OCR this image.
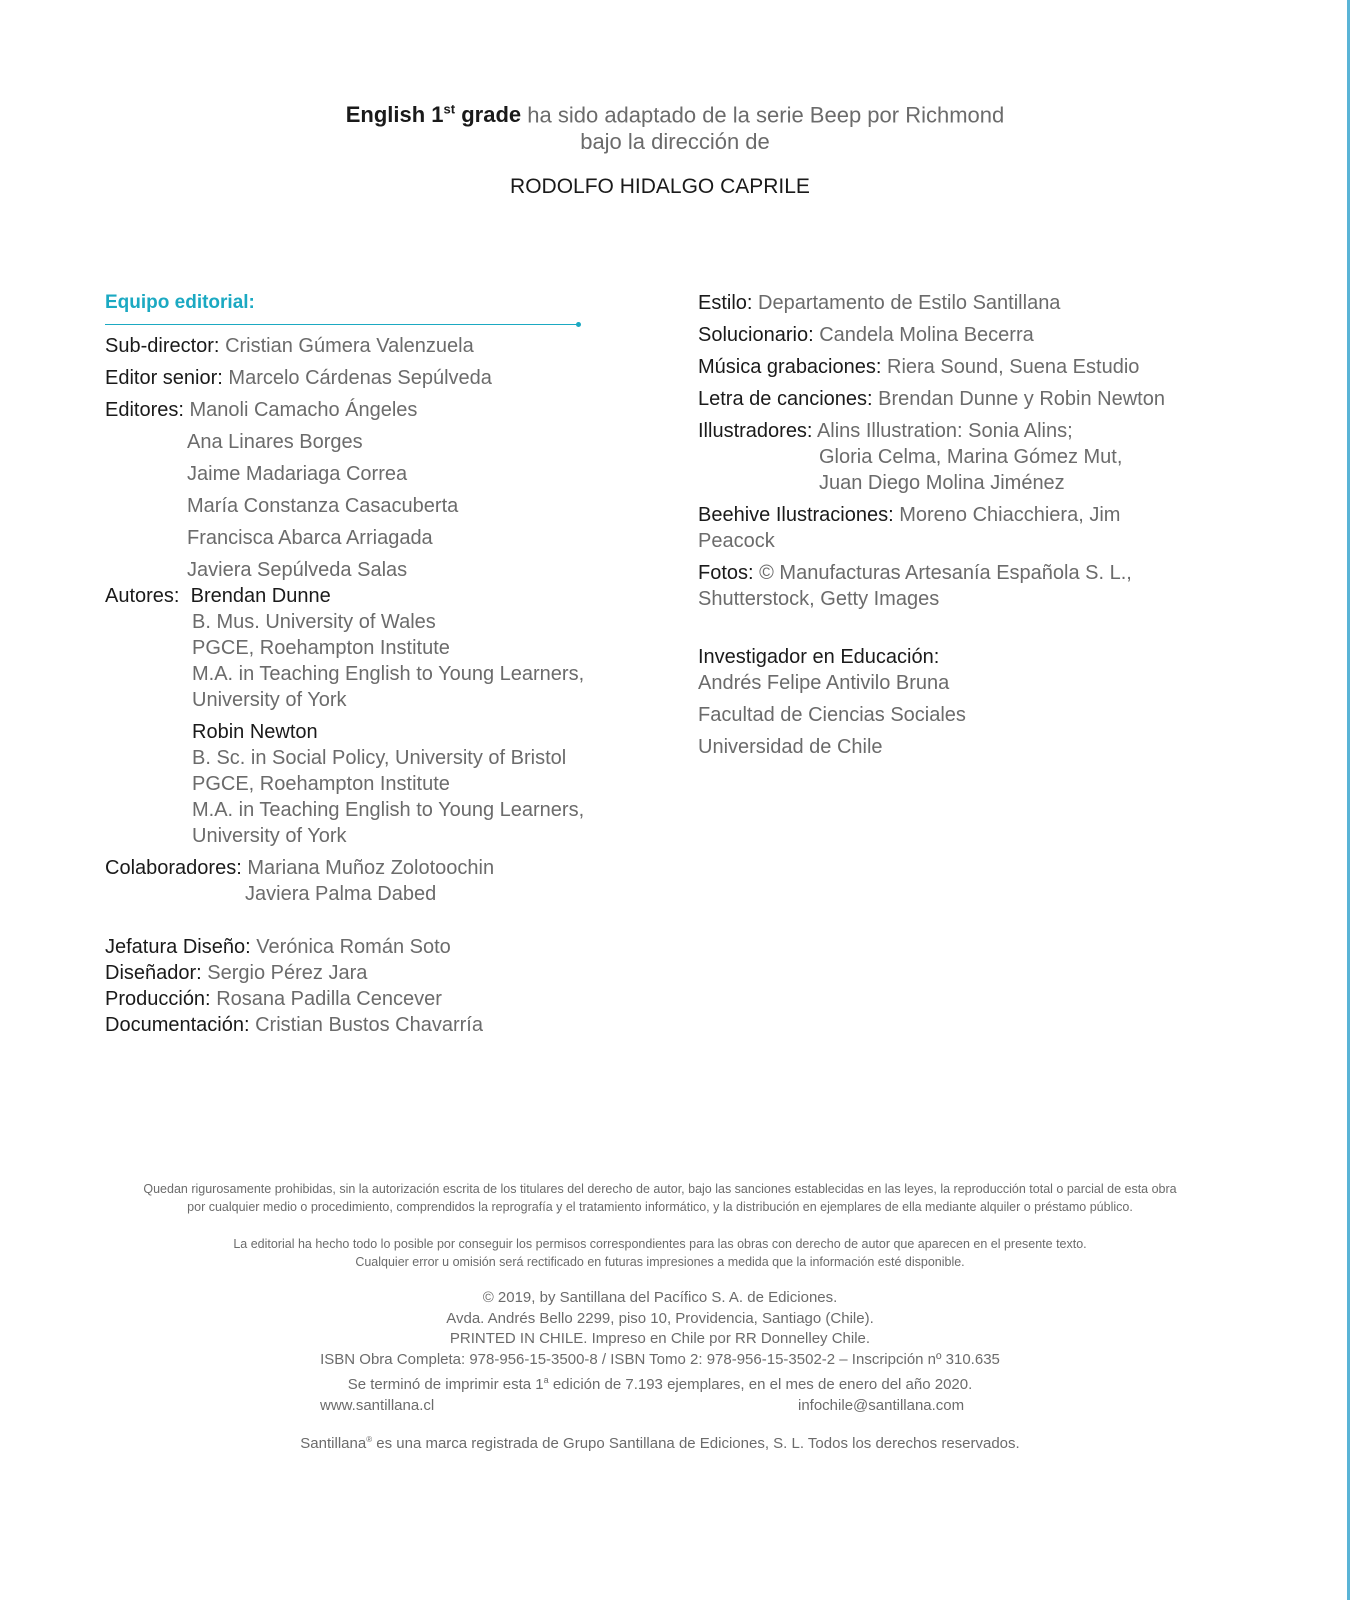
English 1st grade ha sido adaptado de la serie Beep por Richmond
bajo la dirección de
RODOLFO HIDALGO CAPRILE
Equipo editorial:
Sub-director: Cristian Gúmera Valenzuela
Editor senior: Marcelo Cárdenas Sepúlveda
Editores: Manoli Camacho Ángeles
Ana Linares Borges
Jaime Madariaga Correa
María Constanza Casacuberta
Francisca Abarca Arriagada
Javiera Sepúlveda Salas
Autores: Brendan Dunne
B. Mus. University of Wales
PGCE, Roehampton Institute
M.A. in Teaching English to Young Learners,
University of York
Robin Newton
B. Sc. in Social Policy, University of Bristol
PGCE, Roehampton Institute
M.A. in Teaching English to Young Learners,
University of York
Colaboradores: Mariana Muñoz Zolotoochin
Javiera Palma Dabed
Jefatura Diseño: Verónica Román Soto
Diseñador: Sergio Pérez Jara
Producción: Rosana Padilla Cencever
Documentación: Cristian Bustos Chavarría
Estilo: Departamento de Estilo Santillana
Solucionario: Candela Molina Becerra
Música grabaciones: Riera Sound, Suena Estudio
Letra de canciones: Brendan Dunne y Robin Newton
Illustradores: Alins Illustration: Sonia Alins;
Gloria Celma, Marina Gómez Mut,
Juan Diego Molina Jiménez
Beehive Ilustraciones: Moreno Chiacchiera, Jim
Peacock
Fotos: © Manufacturas Artesanía Española S. L.,
Shutterstock, Getty Images
Investigador en Educación:
Andrés Felipe Antivilo Bruna
Facultad de Ciencias Sociales
Universidad de Chile
Quedan rigurosamente prohibidas, sin la autorización escrita de los titulares del derecho de autor, bajo las sanciones establecidas en las leyes, la reproducción total o parcial de esta obra
por cualquier medio o procedimiento, comprendidos la reprografía y el tratamiento informático, y la distribución en ejemplares de ella mediante alquiler o préstamo público.
La editorial ha hecho todo lo posible por conseguir los permisos correspondientes para las obras con derecho de autor que aparecen en el presente texto.
Cualquier error u omisión será rectificado en futuras impresiones a medida que la información esté disponible.
© 2019, by Santillana del Pacífico S. A. de Ediciones.
Avda. Andrés Bello 2299, piso 10, Providencia, Santiago (Chile).
PRINTED IN CHILE. Impreso en Chile por RR Donnelley Chile.
ISBN Obra Completa: 978-956-15-3500-8 / ISBN Tomo 2: 978-956-15-3502-2 – Inscripción nº 310.635
Se terminó de imprimir esta 1$^a$ edición de 7.193 ejemplares, en el mes de enero del año 2020.
www.santillana.cl	infochile@santillana.com
Santillana® es una marca registrada de Grupo Santillana de Ediciones, S. L. Todos los derechos reservados.
